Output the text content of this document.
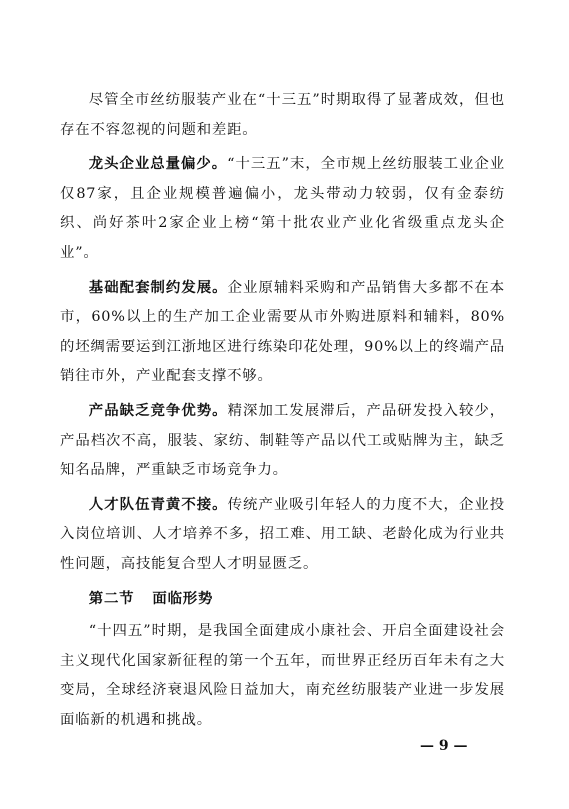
尽管全市丝纺服装产业在“十三五”时期取得了显著成效，但也存在不容忽视的问题和差距。

龙头企业总量偏少。“十三五”末，全市规上丝纺服装工业企业仅87家，且企业规模普遍偏小，龙头带动力较弱，仅有金泰纺织、尚好茶叶2家企业上榜“第十批农业产业化省级重点龙头企业”。

基础配套制约发展。企业原辅料采购和产品销售大多都不在本市，60%以上的生产加工企业需要从市外购进原料和辅料，80%的坯绸需要运到江浙地区进行练染印花处理，90%以上的终端产品销往市外，产业配套支撑不够。

产品缺乏竞争优势。精深加工发展滞后，产品研发投入较少，产品档次不高，服装、家纺、制鞋等产品以代工或贴牌为主，缺乏知名品牌，严重缺乏市场竞争力。

人才队伍青黄不接。传统产业吸引年轻人的力度不大，企业投入岗位培训、人才培养不多，招工难、用工缺、老龄化成为行业共性问题，高技能复合型人才明显匮乏。

第二节 面临形势

“十四五”时期，是我国全面建成小康社会、开启全面建设社会主义现代化国家新征程的第一个五年，而世界正经历百年未有之大变局，全球经济衰退风险日益加大，南充丝纺服装产业进一步发展面临新的机遇和挑战。

— 9 —
